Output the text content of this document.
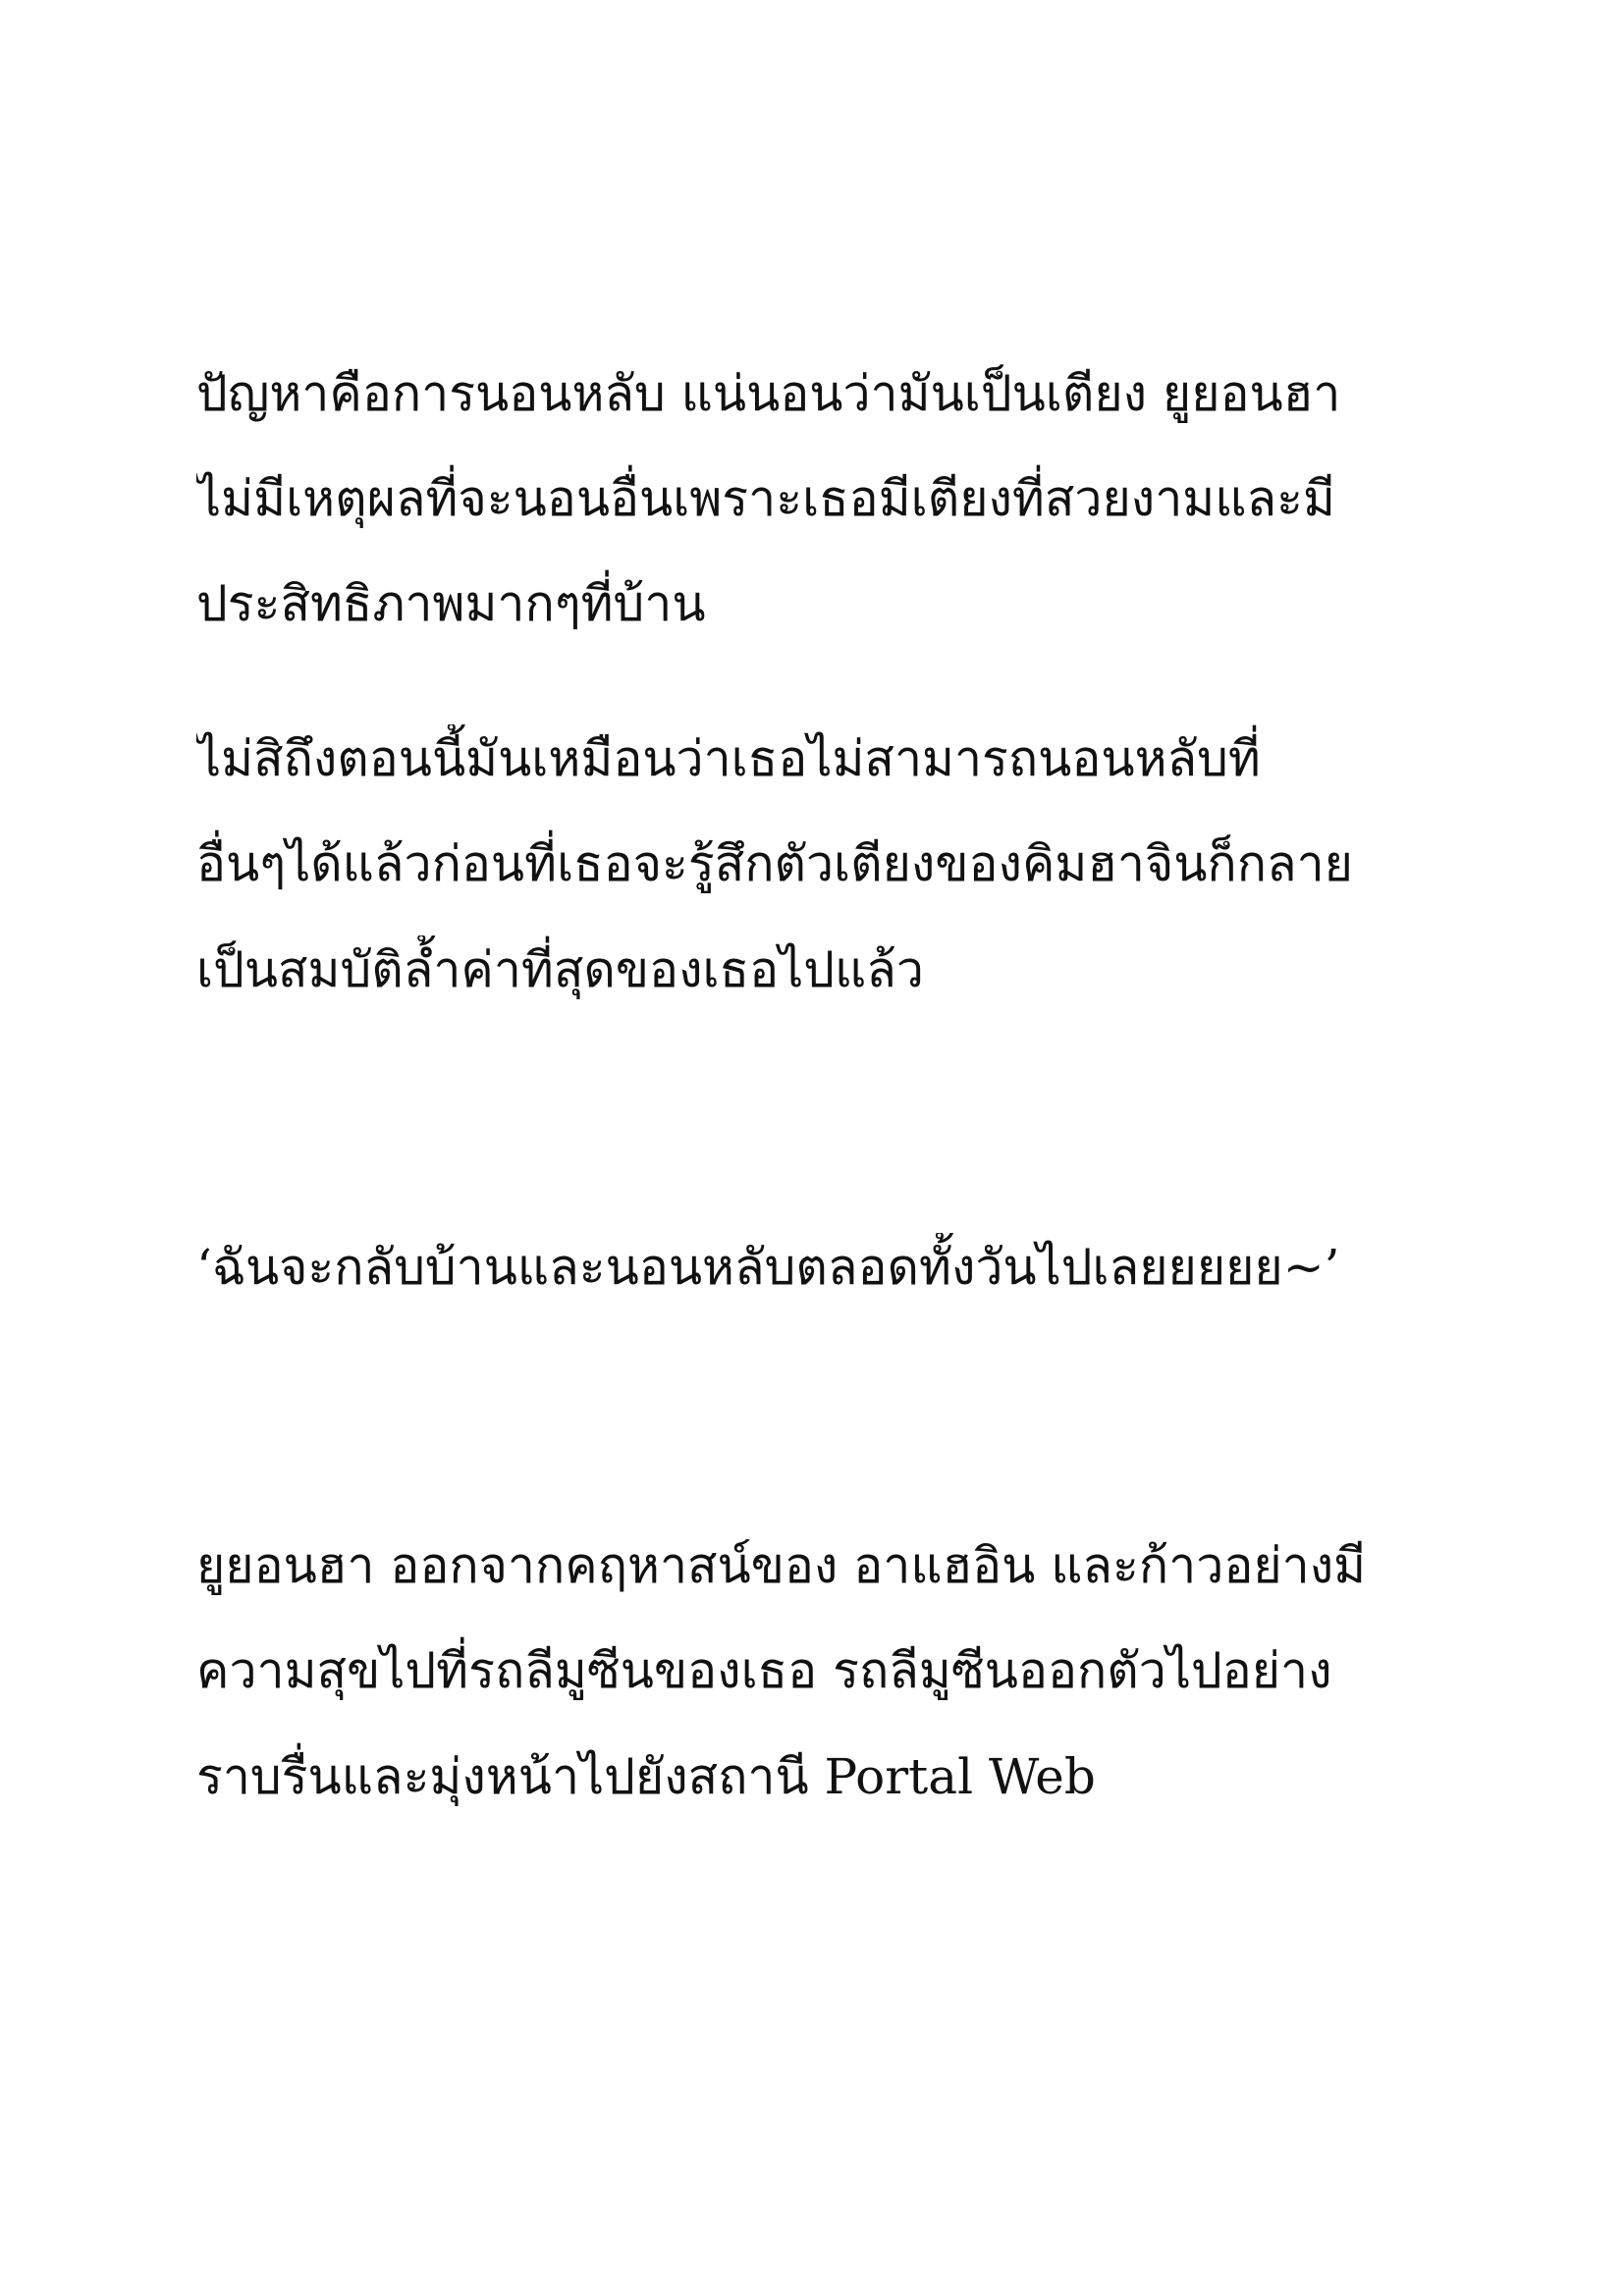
ปัญหาคือการนอนหลับ แน่นอนว่ามันเป็นเตียง ยูยอนฮา
ไม่มีเหตุผลที่จะนอนอื่นเพราะเธอมีเตียงที่สวยงามและมี
ประสิทธิภาพมากๆที่บ้าน
ไม่สิถึงตอนนี้มันเหมือนว่าเธอไม่สามารถนอนหลับที่
อื่นๆได้แล้วก่อนที่เธอจะรู้สึกตัวเตียงของคิมฮาจินก็กลาย
เป็นสมบัติล้ำค่าที่สุดของเธอไปแล้ว
‘ฉันจะกลับบ้านและนอนหลับตลอดทั้งวันไปเลยยยยย~’
ยูยอนฮา ออกจากคฤหาสน์ของ อาแฮอิน และก้าวอย่างมี
ความสุขไปที่รถลีมูซีนของเธอ รถลีมูซีนออกตัวไปอย่าง
ราบรื่นและมุ่งหน้าไปยังสถานี Portal Web
